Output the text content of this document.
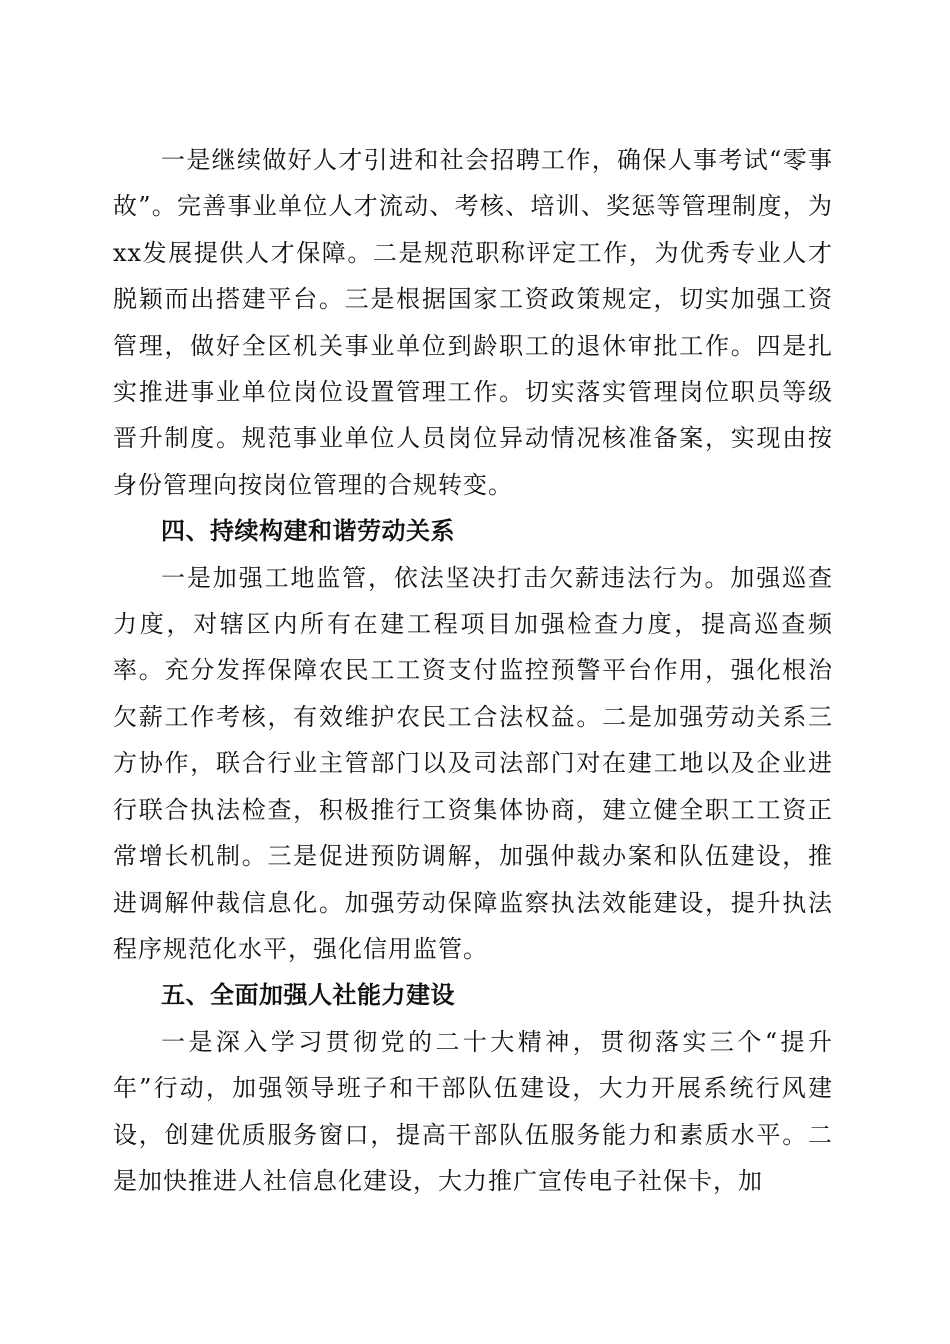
一是继续做好人才引进和社会招聘工作，确保人事考试“零事故”。完善事业单位人才流动、考核、培训、奖惩等管理制度，为xx发展提供人才保障。二是规范职称评定工作，为优秀专业人才脱颖而出搭建平台。三是根据国家工资政策规定，切实加强工资管理，做好全区机关事业单位到龄职工的退休审批工作。四是扎实推进事业单位岗位设置管理工作。切实落实管理岗位职员等级晋升制度。规范事业单位人员岗位异动情况核准备案，实现由按身份管理向按岗位管理的合规转变。

四、持续构建和谐劳动关系

一是加强工地监管，依法坚决打击欠薪违法行为。加强巡查力度，对辖区内所有在建工程项目加强检查力度，提高巡查频率。充分发挥保障农民工工资支付监控预警平台作用，强化根治欠薪工作考核，有效维护农民工合法权益。二是加强劳动关系三方协作，联合行业主管部门以及司法部门对在建工地以及企业进行联合执法检查，积极推行工资集体协商，建立健全职工工资正常增长机制。三是促进预防调解，加强仲裁办案和队伍建设，推进调解仲裁信息化。加强劳动保障监察执法效能建设，提升执法程序规范化水平，强化信用监管。

五、全面加强人社能力建设

一是深入学习贯彻党的二十大精神，贯彻落实三个“提升年”行动，加强领导班子和干部队伍建设，大力开展系统行风建设，创建优质服务窗口，提高干部队伍服务能力和素质水平。二是加快推进人社信息化建设，大力推广宣传电子社保卡，加
